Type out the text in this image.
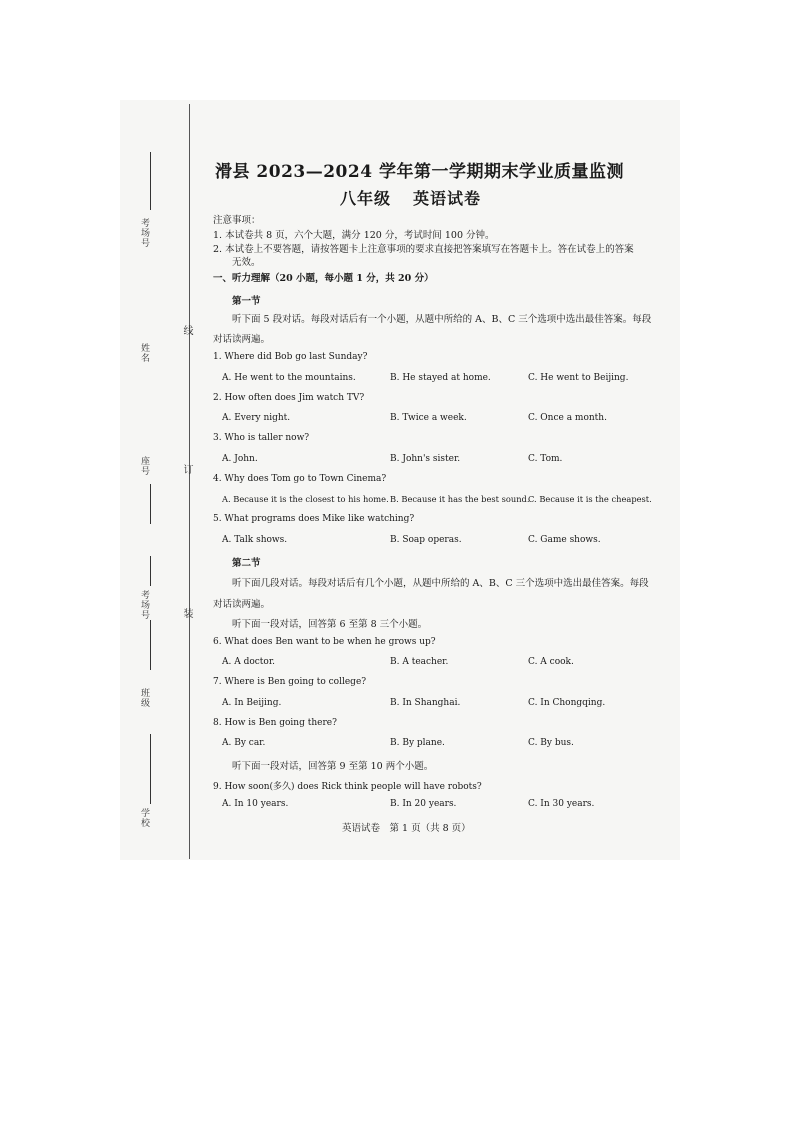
考场号
姓名
座号
考场号
班级
学校
线
订
装
滑县 2023—2024 学年第一学期期末学业质量监测
八年级 英语试卷
注意事项：
1. 本试卷共 8 页，六个大题，满分 120 分，考试时间 100 分钟。
2. 本试卷上不要答题，请按答题卡上注意事项的要求直接把答案填写在答题卡上。答在试卷上的答案
无效。
一、听力理解（20 小题，每小题 1 分，共 20 分）
第一节
听下面 5 段对话。每段对话后有一个小题，从题中所给的 A、B、C 三个选项中选出最佳答案。每段
对话读两遍。
1. Where did Bob go last Sunday?
A. He went to the mountains.	B. He stayed at home.	C. He went to Beijing.
2. How often does Jim watch TV?
A. Every night.	B. Twice a week.	C. Once a month.
3. Who is taller now?
A. John.	B. John's sister.	C. Tom.
4. Why does Tom go to Town Cinema?
A. Because it is the closest to his home. B. Because it has the best sound.
C. Because it is the cheapest.
5. What programs does Mike like watching?
A. Talk shows.	B. Soap operas.	C. Game shows.
第二节
听下面几段对话。每段对话后有几个小题，从题中所给的 A、B、C 三个选项中选出最佳答案。每段
对话读两遍。
听下面一段对话，回答第 6 至第 8 三个小题。
6. What does Ben want to be when he grows up?
A. A doctor.	B. A teacher.	C. A cook.
7. Where is Ben going to college?
A. In Beijing.	B. In Shanghai.	C. In Chongqing.
8. How is Ben going there?
A. By car.	B. By plane.	C. By bus.
听下面一段对话，回答第 9 至第 10 两个小题。
9. How soon(多久) does Rick think people will have robots?
A. In 10 years.	B. In 20 years.	C. In 30 years.
英语试卷　第 1 页（共 8 页）
